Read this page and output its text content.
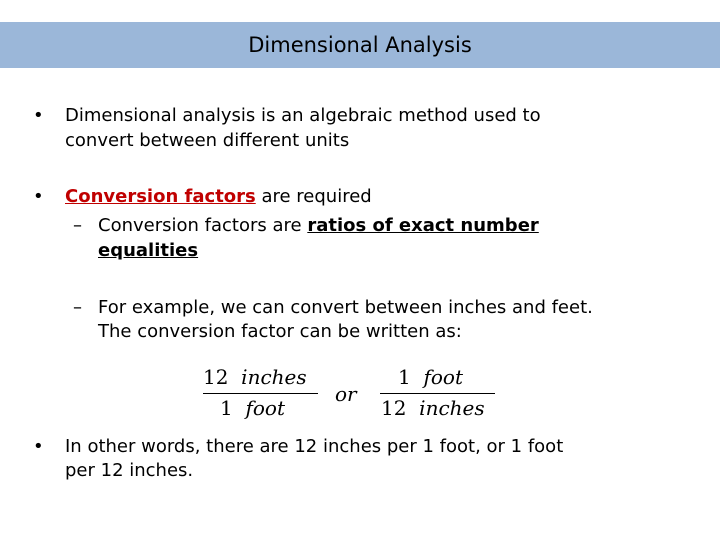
Dimensional Analysis
• Dimensional analysis is an algebraic method used to
convert between different units
• Conversion factors are required
– Conversion factors are ratios of exact number
equalities
– For example, we can convert between inches and feet.
The conversion factor can be written as:
12 inches
1 foot
or
1 foot
12 inches
• In other words, there are 12 inches per 1 foot, or 1 foot
per 12 inches.
